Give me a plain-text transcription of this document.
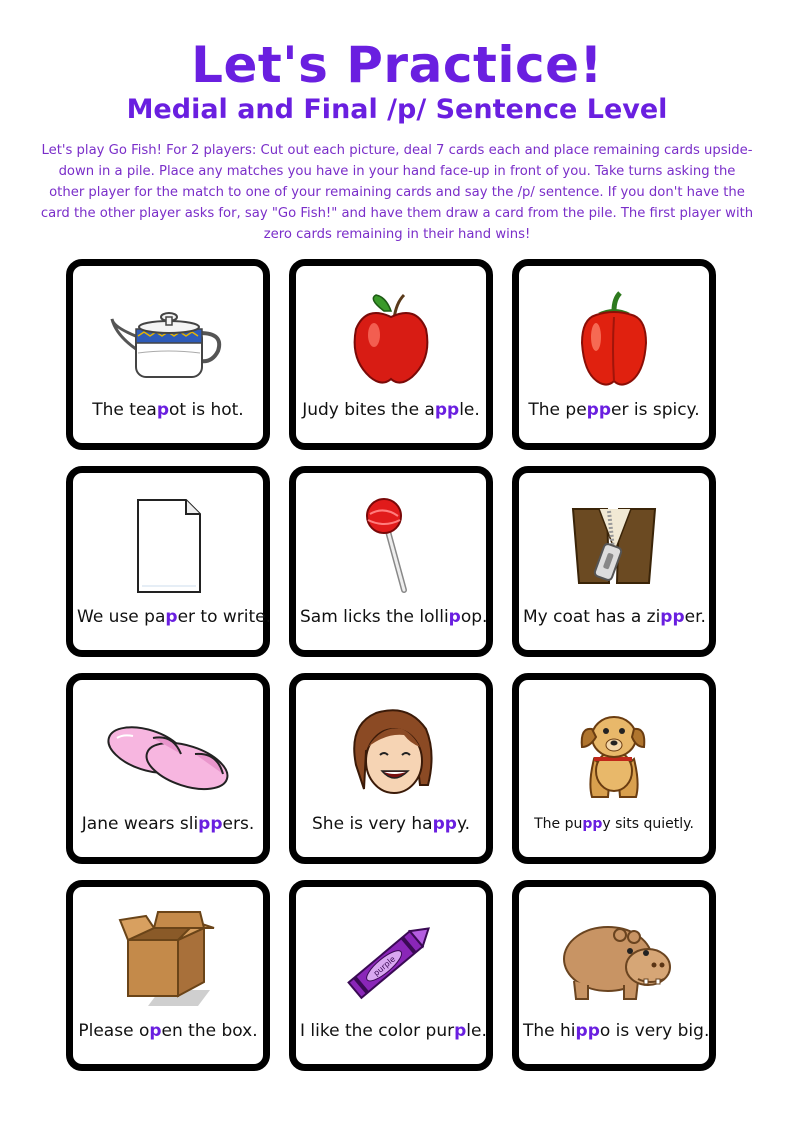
Let's Practice!
Medial and Final /p/ Sentence Level

Let's play Go Fish! For 2 players: Cut out each picture, deal 7 cards each and place remaining cards upside-down in a pile. Place any matches you have in your hand face-up in front of you. Take turns asking the other player for the match to one of your remaining cards and say the /p/ sentence. If you don't have the card the other player asks for, say "Go Fish!" and have them draw a card from the pile. The first player with zero cards remaining in their hand wins!

The teapot is hot.	Judy bites the apple.	The pepper is spicy.
We use paper to write. Sam licks the lollipop. My coat has a zipper.
Jane wears slippers.	She is very happy.	The puppy sits quietly.
Please open the box.
purple
I like the color purple. The hippo is very big.
